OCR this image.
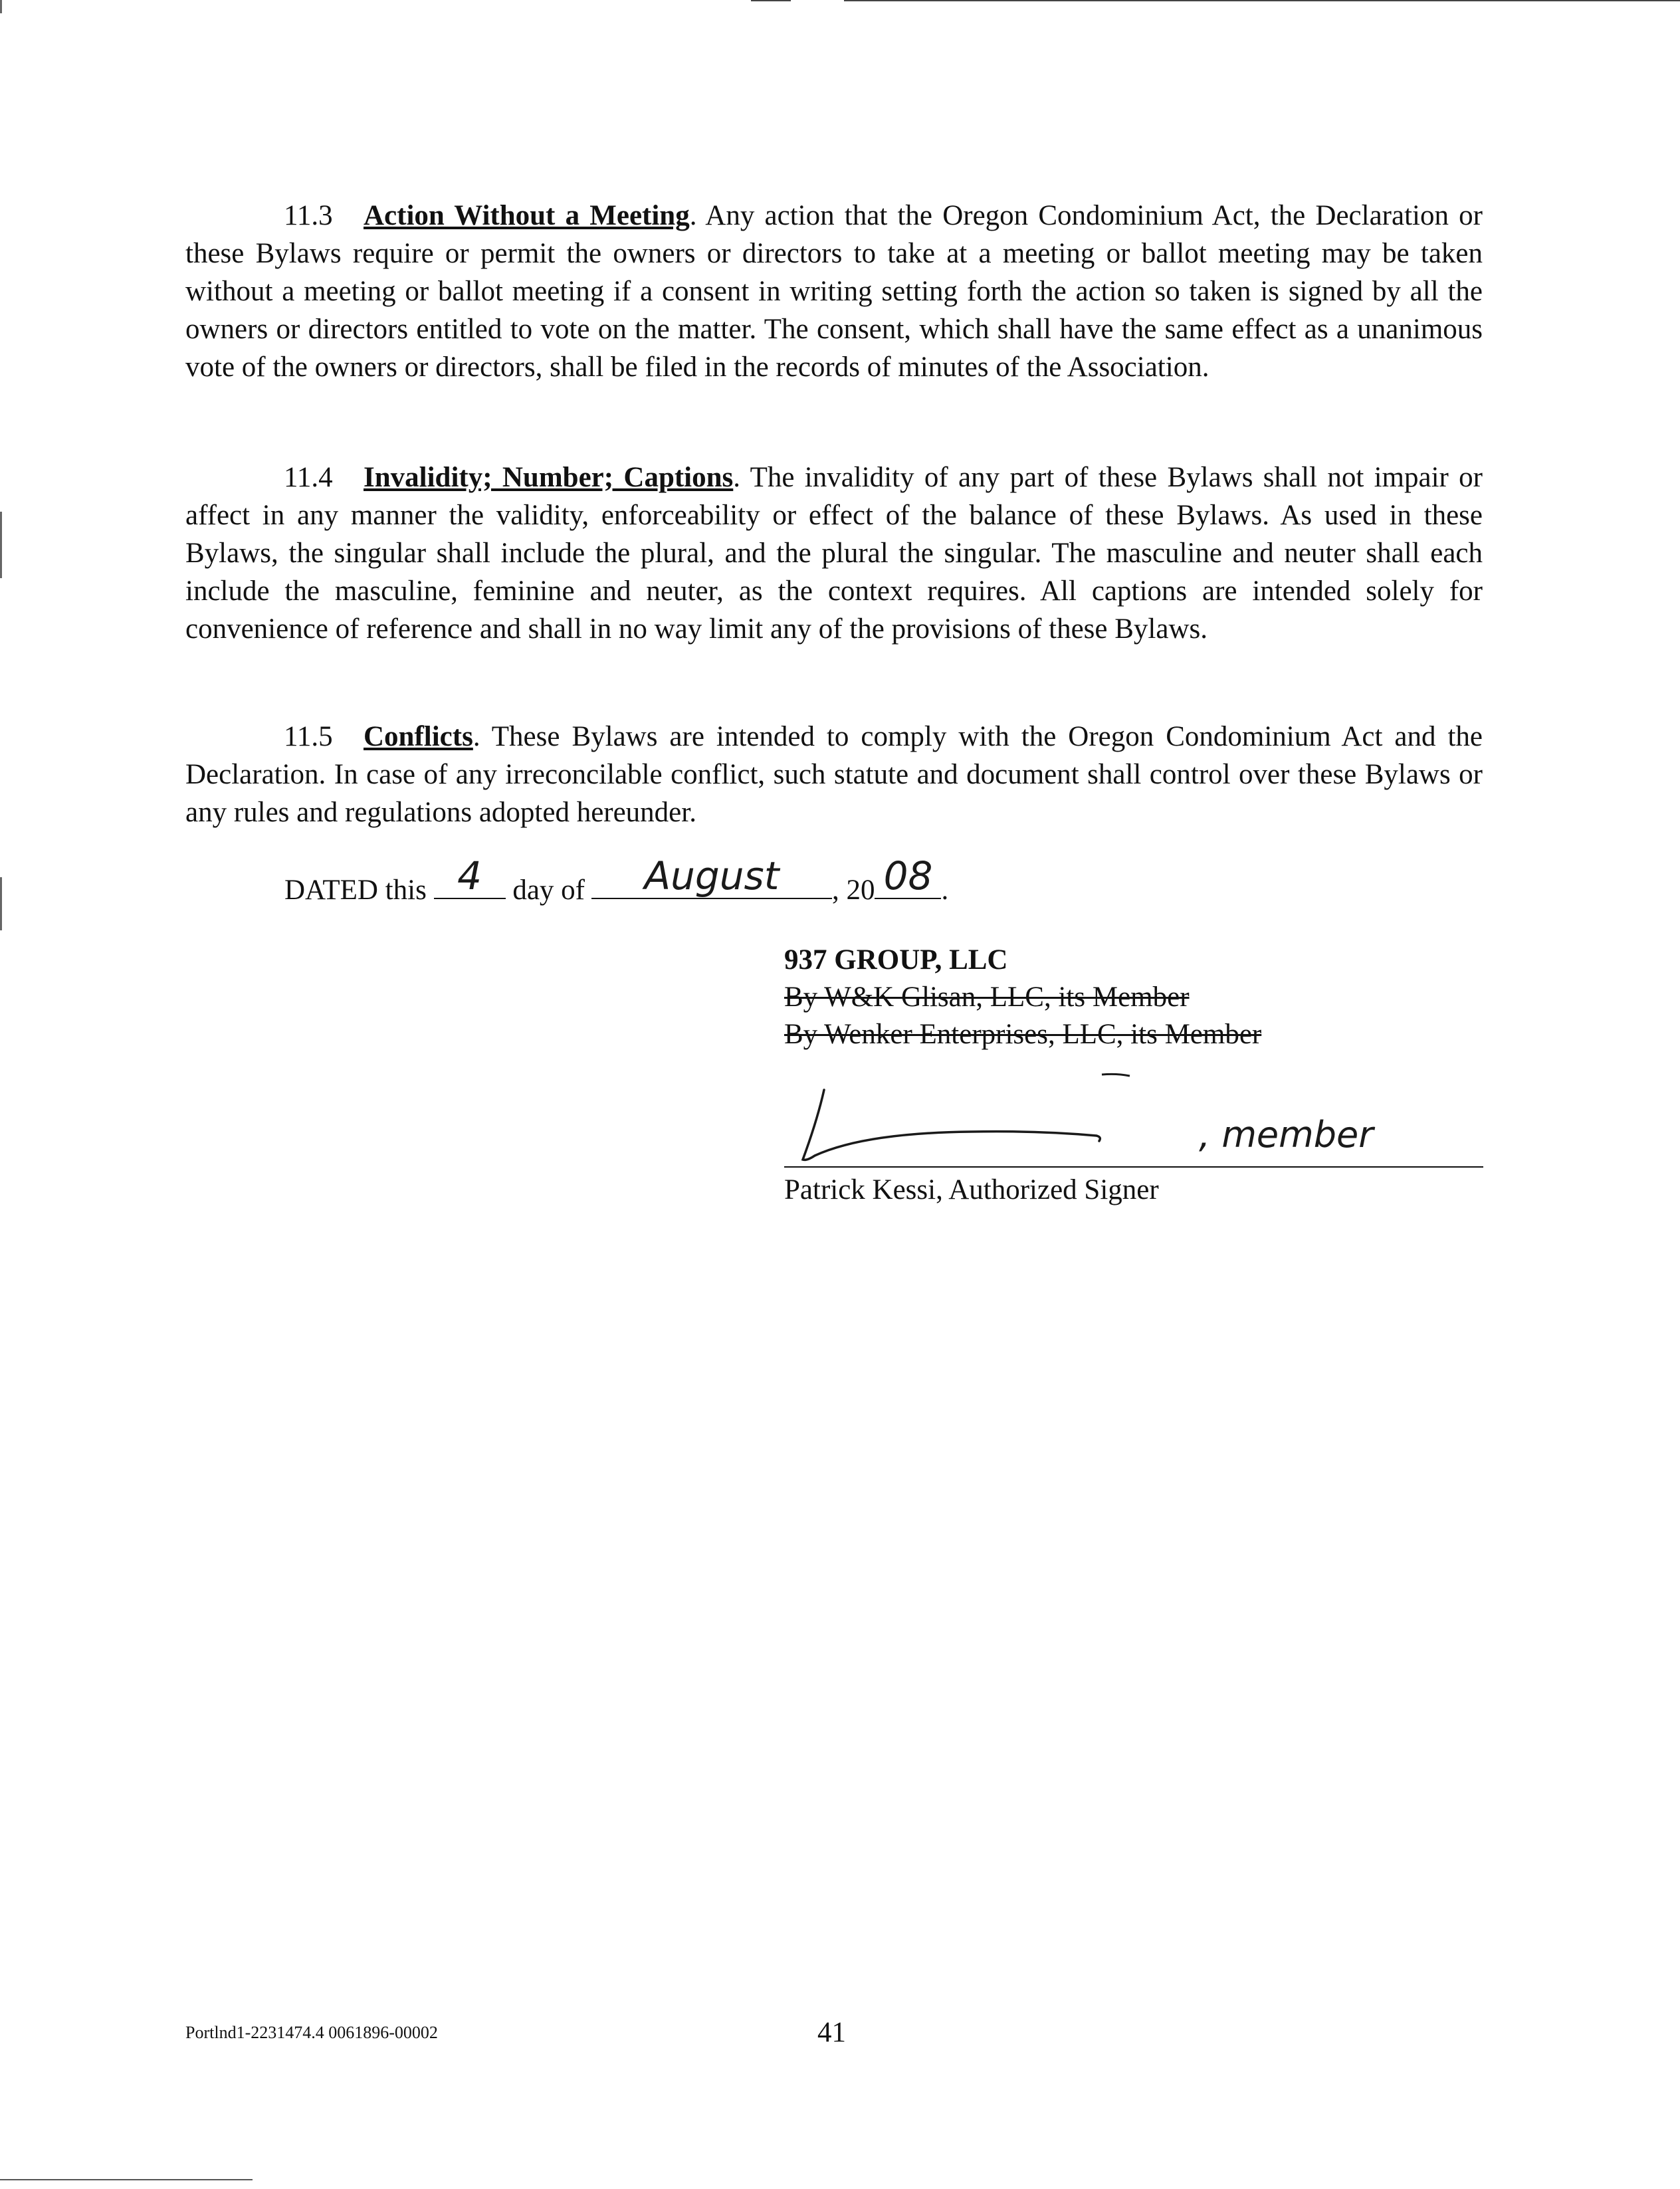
11.3 Action Without a Meeting. Any action that the Oregon Condominium Act, the Declaration or these Bylaws require or permit the owners or directors to take at a meeting or ballot meeting may be taken without a meeting or ballot meeting if a consent in writing setting forth the action so taken is signed by all the owners or directors entitled to vote on the matter. The consent, which shall have the same effect as a unanimous vote of the owners or directors, shall be filed in the records of minutes of the Association.

11.4 Invalidity; Number; Captions. The invalidity of any part of these Bylaws shall not impair or affect in any manner the validity, enforceability or effect of the balance of these Bylaws. As used in these Bylaws, the singular shall include the plural, and the plural the singular. The masculine and neuter shall each include the masculine, feminine and neuter, as the context requires. All captions are intended solely for convenience of reference and shall in no way limit any of the provisions of these Bylaws.

11.5 Conflicts. These Bylaws are intended to comply with the Oregon Condominium Act and the Declaration. In case of any irreconcilable conflict, such statute and document shall control over these Bylaws or any rules and regulations adopted hereunder.

DATED this 4	day of	August	, 20 08 .
937 GROUP, LLC
By W&K Glisan, LLC, its Member
By Wenker Enterprises, LLC, its Member
, member
Patrick Kessi, Authorized Signer
Portlnd1-2231474.4 0061896-00002	41
